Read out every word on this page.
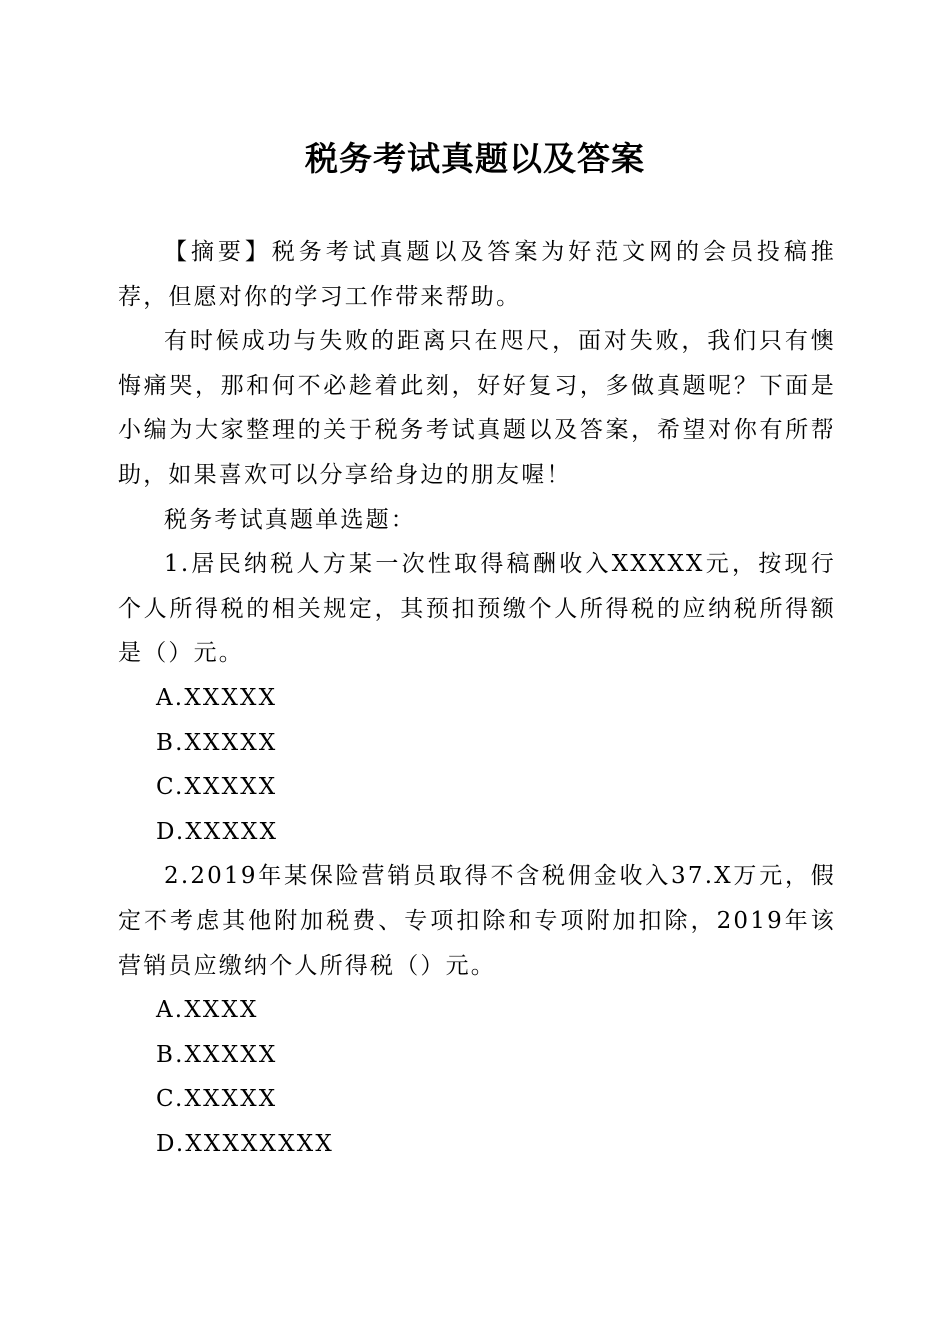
税务考试真题以及答案

【摘要】税务考试真题以及答案为好范文网的会员投稿推荐，但愿对你的学习工作带来帮助。

有时候成功与失败的距离只在咫尺，面对失败，我们只有懊悔痛哭，那和何不必趁着此刻，好好复习，多做真题呢？下面是小编为大家整理的关于税务考试真题以及答案，希望对你有所帮助，如果喜欢可以分享给身边的朋友喔！

税务考试真题单选题：

1.居民纳税人方某一次性取得稿酬收入XXXXX元，按现行个人所得税的相关规定，其预扣预缴个人所得税的应纳税所得额是（）元。

A.XXXXX

B.XXXXX

C.XXXXX

D.XXXXX

2.2019年某保险营销员取得不含税佣金收入37.X万元，假定不考虑其他附加税费、专项扣除和专项附加扣除，2019年该营销员应缴纳个人所得税（）元。

A.XXXX

B.XXXXX

C.XXXXX

D.XXXXXXXX
